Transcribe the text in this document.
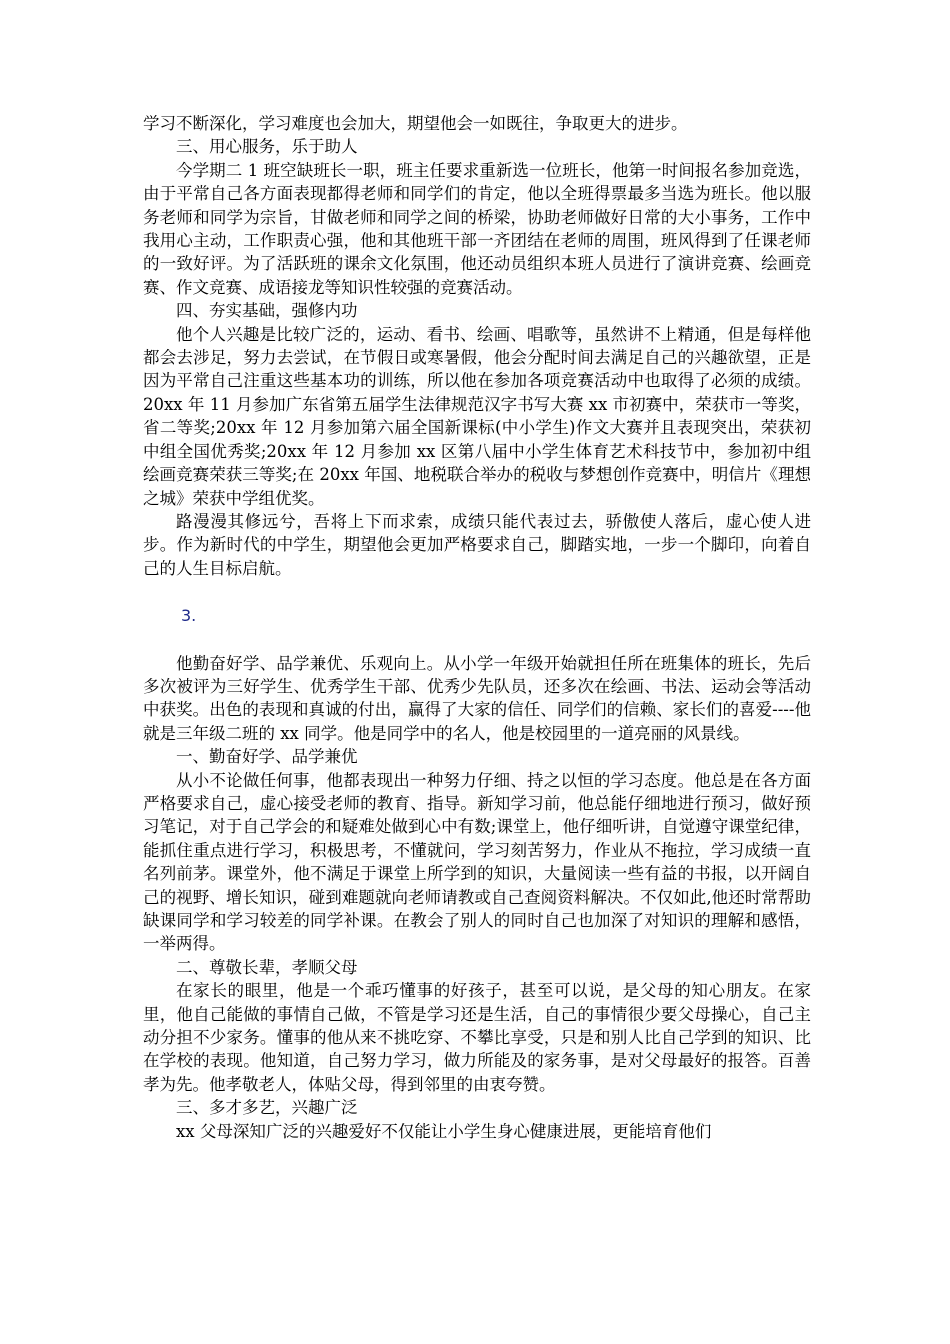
学习不断深化，学习难度也会加大，期望他会一如既往，争取更大的进步。

三、用心服务，乐于助人

今学期二 1 班空缺班长一职，班主任要求重新选一位班长，他第一时间报名参加竞选，由于平常自己各方面表现都得老师和同学们的肯定，他以全班得票最多当选为班长。他以服务老师和同学为宗旨，甘做老师和同学之间的桥梁，协助老师做好日常的大小事务，工作中我用心主动，工作职责心强，他和其他班干部一齐团结在老师的周围，班风得到了任课老师的一致好评。为了活跃班的课余文化氛围，他还动员组织本班人员进行了演讲竞赛、绘画竞赛、作文竞赛、成语接龙等知识性较强的竞赛活动。

四、夯实基础，强修内功

他个人兴趣是比较广泛的，运动、看书、绘画、唱歌等，虽然讲不上精通，但是每样他都会去涉足，努力去尝试，在节假日或寒暑假，他会分配时间去满足自己的兴趣欲望，正是因为平常自己注重这些基本功的训练，所以他在参加各项竞赛活动中也取得了必须的成绩。20xx 年 11 月参加广东省第五届学生法律规范汉字书写大赛 xx 市初赛中，荣获市一等奖，省二等奖;20xx 年 12 月参加第六届全国新课标(中小学生)作文大赛并且表现突出，荣获初中组全国优秀奖;20xx 年 12 月参加 xx 区第八届中小学生体育艺术科技节中，参加初中组绘画竞赛荣获三等奖;在 20xx 年国、地税联合举办的税收与梦想创作竞赛中，明信片《理想之城》荣获中学组优奖。

路漫漫其修远兮，吾将上下而求索，成绩只能代表过去，骄傲使人落后，虚心使人进步。作为新时代的中学生，期望他会更加严格要求自己，脚踏实地，一步一个脚印，向着自己的人生目标启航。

3.

他勤奋好学、品学兼优、乐观向上。从小学一年级开始就担任所在班集体的班长，先后多次被评为三好学生、优秀学生干部、优秀少先队员，还多次在绘画、书法、运动会等活动中获奖。出色的表现和真诚的付出，赢得了大家的信任、同学们的信赖、家长们的喜爱----他就是三年级二班的 xx 同学。他是同学中的名人，他是校园里的一道亮丽的风景线。

一、勤奋好学、品学兼优

从小不论做任何事，他都表现出一种努力仔细、持之以恒的学习态度。他总是在各方面严格要求自己，虚心接受老师的教育、指导。新知学习前，他总能仔细地进行预习，做好预习笔记，对于自己学会的和疑难处做到心中有数;课堂上，他仔细听讲，自觉遵守课堂纪律，能抓住重点进行学习，积极思考，不懂就问，学习刻苦努力，作业从不拖拉，学习成绩一直名列前茅。课堂外，他不满足于课堂上所学到的知识，大量阅读一些有益的书报，以开阔自己的视野、增长知识，碰到难题就向老师请教或自己查阅资料解决。不仅如此,他还时常帮助缺课同学和学习较差的同学补课。在教会了别人的同时自己也加深了对知识的理解和感悟，一举两得。

二、尊敬长辈，孝顺父母

在家长的眼里，他是一个乖巧懂事的好孩子，甚至可以说，是父母的知心朋友。在家里，他自己能做的事情自己做，不管是学习还是生活，自己的事情很少要父母操心，自己主动分担不少家务。懂事的他从来不挑吃穿、不攀比享受，只是和别人比自己学到的知识、比在学校的表现。他知道，自己努力学习，做力所能及的家务事，是对父母最好的报答。百善孝为先。他孝敬老人，体贴父母，得到邻里的由衷夸赞。

三、多才多艺，兴趣广泛

xx 父母深知广泛的兴趣爱好不仅能让小学生身心健康进展，更能培育他们
